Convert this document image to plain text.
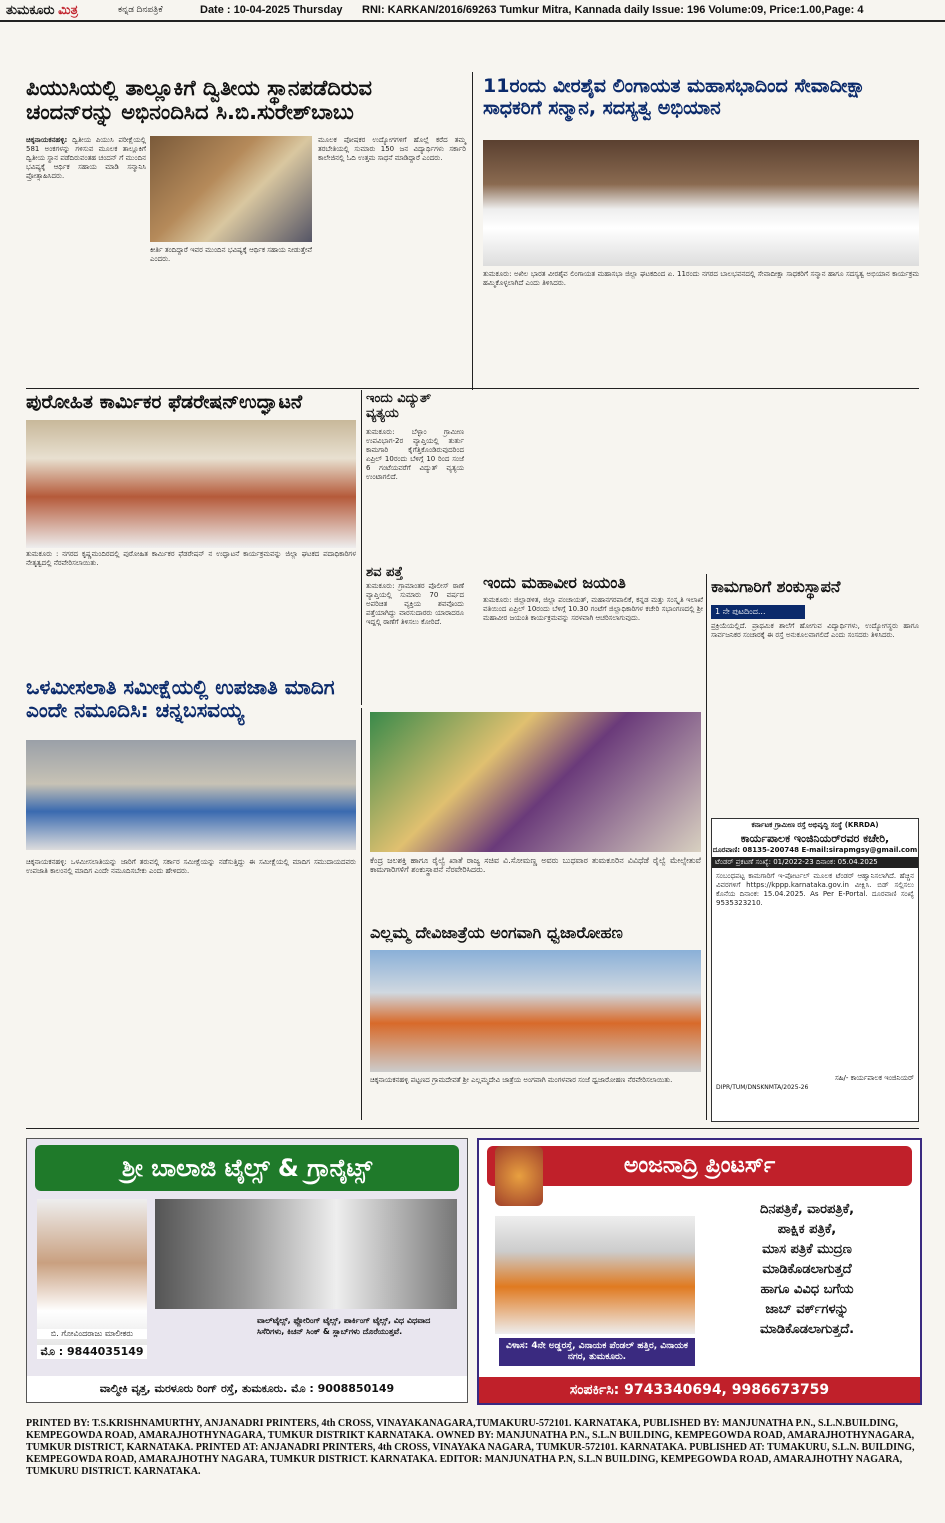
ತುಮಕೂರು ಮಿತ್ರ	ಕನ್ನಡ ದಿನಪತ್ರಿಕೆ	Date : 10-04-2025 Thursday RNI: KARKAN/2016/69263 Tumkur Mitra, Kannada daily Issue: 196 Volume:09, Price:1.00,Page: 4
ಪಿಯುಸಿಯಲ್ಲಿ ತಾಲ್ಲೂಕಿಗೆ ದ್ವಿತೀಯ ಸ್ಥಾನಪಡೆದಿರುವ ಚಂದನ್‌ರನ್ನು ಅಭಿನಂದಿಸಿದ ಸಿ.ಬಿ.ಸುರೇಶ್‌ಬಾಬು
ಚಿಕ್ಕನಾಯಕನಹಳ್ಳಿ: ದ್ವಿತೀಯ ಪಿಯುಸಿ ಪರೀಕ್ಷೆಯಲ್ಲಿ 581 ಅಂಕಗಳನ್ನು ಗಳಿಸುವ ಮೂಲಕ ತಾಲ್ಲೂಕಿಗೆ ದ್ವಿತೀಯ ಸ್ಥಾನ ಪಡೆದಿರುವಂತಹ ಚಂದನ್ ಗೆ ಮುಂದಿನ ಭವಿಷ್ಯಕ್ಕೆ ಆರ್ಥಿಕ ಸಹಾಯ ಮಾಡಿ ಸನ್ಮಾನಿಸಿ ಪ್ರೋತ್ಸಾಹಿಸಿದರು.
ಕೀರ್ತಿ ತಂದಿದ್ದಾರೆ ಇವರ ಮುಂದಿನ ಭವಿಷ್ಯಕ್ಕೆ ಆರ್ಥಿಕ ಸಹಾಯ ನೀಡುತ್ತೇವೆ ಎಂದರು.
ಮೂಲಕ ಪೋಷಕರ ಉದ್ಯೋಗಗಳಿಗೆ ಹೊಲ್ಲೆ ಕರೆದ ತಮ್ಮ ತರಬೇತಿಯಲ್ಲಿ ಸುಮಾರು 150 ಜನ ವಿದ್ಯಾರ್ಥಿಗಳು ಸರ್ಕಾರಿ ಕಾಲೇಜಿನಲ್ಲಿ ಓದಿ ಉತ್ತಮ ಸಾಧನೆ ಮಾಡಿದ್ದಾರೆ ಎಂದರು.
11ರಂದು ವೀರಶೈವ ಲಿಂಗಾಯತ ಮಹಾಸಭಾದಿಂದ ಸೇವಾದೀಕ್ಷಾ ಸಾಧಕರಿಗೆ ಸನ್ಮಾನ, ಸದಸ್ಯತ್ವ ಅಭಿಯಾನ
ತುಮಕೂರು: ಅಖಿಲ ಭಾರತ ವೀರಶೈವ ಲಿಂಗಾಯತ ಮಹಾಸಭಾ ಜಿಲ್ಲಾ ಘಟಕದಿಂದ ಏ. 11ರಂದು ನಗರದ ಬಾಲಭವನದಲ್ಲಿ ಸೇವಾದೀಕ್ಷಾ ಸಾಧಕರಿಗೆ ಸನ್ಮಾನ ಹಾಗೂ ಸದಸ್ಯತ್ವ ಅಭಿಯಾನ ಕಾರ್ಯಕ್ರಮ ಹಮ್ಮಿಕೊಳ್ಳಲಾಗಿದೆ ಎಂದು ತಿಳಿಸಿದರು.
ಪುರೋಹಿತ ಕಾರ್ಮಿಕರ ಫೆಡರೇಷನ್‌ಉದ್ಘಾಟನೆ
ತುಮಕೂರು : ನಗರದ ಕೃಷ್ಣಮಂದಿರದಲ್ಲಿ ಪುರೋಹಿತ ಕಾರ್ಮಿಕರ ಫೆಡರೇಷನ್ ನ ಉದ್ಘಾಟನೆ ಕಾರ್ಯಕ್ರಮವನ್ನು ಜಿಲ್ಲಾ ಘಟಕದ ಪದಾಧಿಕಾರಿಗಳ ನೇತೃತ್ವದಲ್ಲಿ ನೆರವೇರಿಸಲಾಯಿತು.
ಇಂದು ವಿದ್ಯುತ್ ವ್ಯತ್ಯಯ
ತುಮಕೂರು: ಬೆಳ್ಳಾಂ ಗ್ರಾಮೀಣ ಉಪವಿಭಾಗ-2ರ ವ್ಯಾಪ್ತಿಯಲ್ಲಿ ತುರ್ತು ಕಾಮಗಾರಿ ಕೈಗೆತ್ತಿಕೊಂಡಿರುವುದರಿಂದ ಏಪ್ರಿಲ್ 10ರಂದು ಬೆಳಿಗ್ಗೆ 10 ರಿಂದ ಸಂಜೆ 6 ಗಂಟೆಯವರೆಗೆ ವಿದ್ಯುತ್ ವ್ಯತ್ಯಯ ಉಂಟಾಗಲಿದೆ.
ಶವ ಪತ್ತೆ
ತುಮಕೂರು: ಗ್ರಾಮಾಂತರ ಪೊಲೀಸ್ ಠಾಣೆ ವ್ಯಾಪ್ತಿಯಲ್ಲಿ ಸುಮಾರು 70 ವರ್ಷದ ಅಪರಿಚಿತ ವ್ಯಕ್ತಿಯ ಶವವೊಂದು ಪತ್ತೆಯಾಗಿದ್ದು ವಾರಸುದಾರರು ಯಾರಾದರೂ ಇದ್ದಲ್ಲಿ ಠಾಣೆಗೆ ತಿಳಿಸಲು ಕೋರಿದೆ.
ಇಂದು ಮಹಾವೀರ ಜಯಂತಿ
ತುಮಕೂರು: ಜಿಲ್ಲಾಡಳಿತ, ಜಿಲ್ಲಾ ಪಂಚಾಯತ್, ಮಹಾನಗರಪಾಲಿಕೆ, ಕನ್ನಡ ಮತ್ತು ಸಂಸ್ಕೃತಿ ಇಲಾಖೆ ವತಿಯಿಂದ ಏಪ್ರಿಲ್ 10ರಂದು ಬೆಳಿಗ್ಗೆ 10.30 ಗಂಟೆಗೆ ಜಿಲ್ಲಾಧಿಕಾರಿಗಳ ಕಚೇರಿ ಸಭಾಂಗಣದಲ್ಲಿ ಶ್ರೀ ಮಹಾವೀರ ಜಯಂತಿ ಕಾರ್ಯಕ್ರಮವನ್ನು ಸರಳವಾಗಿ ಆಚರಿಸಲಾಗುವುದು.
ಕಾಮಗಾರಿಗೆ ಶಂಕುಸ್ಥಾಪನೆ
1 ನೇ ಪುಟದಿಂದ...
ಪ್ರಕ್ರಿಯೆಯಲ್ಲಿದೆ. ಪ್ರಾಥಮಿಕ ಶಾಲೆಗೆ ಹೋಗುವ ವಿದ್ಯಾರ್ಥಿಗಳು, ಉದ್ಯೋಗಸ್ಥರು ಹಾಗೂ ಸಾರ್ವಜನಿಕರ ಸಂಚಾರಕ್ಕೆ ಈ ರಸ್ತೆ ಅನುಕೂಲವಾಗಲಿದೆ ಎಂದು ಸಂಸದರು ತಿಳಿಸಿದರು.
ಒಳಮೀಸಲಾತಿ ಸಮೀಕ್ಷೆಯಲ್ಲಿ ಉಪಜಾತಿ ಮಾದಿಗ ಎಂದೇ ನಮೂದಿಸಿ: ಚನ್ನಬಸವಯ್ಯ
ಚಿಕ್ಕನಾಯಕನಹಳ್ಳಿ: ಒಳಮೀಸಲಾತಿಯನ್ನು ಜಾರಿಗೆ ತರುವಲ್ಲಿ ಸರ್ಕಾರ ಸಮೀಕ್ಷೆಯನ್ನು ನಡೆಸುತ್ತಿದ್ದು ಈ ಸಮೀಕ್ಷೆಯಲ್ಲಿ ಮಾದಿಗ ಸಮುದಾಯದವರು ಉಪಜಾತಿ ಕಾಲಂನಲ್ಲಿ ಮಾದಿಗ ಎಂದೇ ನಮೂದಿಸಬೇಕು ಎಂದು ಹೇಳಿದರು.
ಕೆಂದ್ರ ಜಲಶಕ್ತಿ ಹಾಗೂ ರೈಲ್ವೆ ಖಾತೆ ರಾಜ್ಯ ಸಚಿವ ವಿ.ಸೋಮಣ್ಣ ಅವರು ಬುಧವಾರ ತುಮಕೂರಿನ ವಿವಿಧೆಡೆ ರೈಲ್ವೆ ಮೇಲ್ಸೇತುವೆ ಕಾಮಗಾರಿಗಳಿಗೆ ಶಂಕುಸ್ಥಾಪನೆ ನೆರವೇರಿಸಿದರು.
ಕರ್ನಾಟಕ ಗ್ರಾಮೀಣ ರಸ್ತೆ ಅಭಿವೃದ್ಧಿ ಸಂಸ್ಥೆ (KRRDA)
ಕಾರ್ಯಪಾಲಕ ಇಂಜಿನಿಯರ್‌ರವರ ಕಚೇರಿ,
ದೂರವಾಣಿ: 08135-200748 E-mail:sirapmgsy@gmail.com
ಟೆಂಡರ್ ಪ್ರಕಟಣೆ ಸಂಖ್ಯೆ: 01/2022-23 ದಿನಾಂಕ: 05.04.2025
ಸಂಬಂಧಪಟ್ಟ ಕಾಮಗಾರಿಗೆ ಇ-ಪೋರ್ಟಲ್ ಮೂಲಕ ಟೆಂಡರ್ ಆಹ್ವಾನಿಸಲಾಗಿದೆ. ಹೆಚ್ಚಿನ ವಿವರಗಳಿಗೆ https://kppp.karnataka.gov.in ವೀಕ್ಷಿಸಿ. ಬಿಡ್ ಸಲ್ಲಿಸಲು ಕೊನೆಯ ದಿನಾಂಕ: 15.04.2025. As Per E-Portal. ದೂರವಾಣಿ ಸಂಖ್ಯೆ 9535323210.
ಸಹಿ/- ಕಾರ್ಯಪಾಲಕ ಇಂಜಿನಿಯರ್
DIPR/TUM/DNSKNMTA/2025-26
ಎಲ್ಲಮ್ಮ ದೇವಿಜಾತ್ರೆಯ ಅಂಗವಾಗಿ ಧ್ವಜಾರೋಹಣ
ಚಿಕ್ಕನಾಯಕನಹಳ್ಳಿ ಪಟ್ಟಣದ ಗ್ರಾಮದೇವತೆ ಶ್ರೀ ಎಲ್ಲಮ್ಮದೇವಿ ಜಾತ್ರೆಯ ಅಂಗವಾಗಿ ಮಂಗಳವಾರ ಸಂಜೆ ಧ್ವಜಾರೋಹಣ ನೆರವೇರಿಸಲಾಯಿತು.
ಶ್ರೀ ಬಾಲಾಜಿ ಟೈಲ್ಸ್ & ಗ್ರಾನೈಟ್ಸ್
ಬಿ. ಗೋವಿಂದರಾಜು ಮಾಲೀಕರು
ಮೊ : 9844035149
ವಾಲ್‌ಟೈಲ್ಸ್, ಫ್ಲೋರಿಂಗ್ ಟೈಲ್ಸ್, ಪಾರ್ಕಿಂಗ್ ಟೈಲ್ಸ್, ವಿಧ ವಿಧವಾದ ಸಿಸೆರಿಗಳು, ಕಿಚನ್ ಸಿಂಕ್ & ಸ್ಲಾಬ್‌ಗಳು ದೊರೆಯುತ್ತವೆ.
ವಾಲ್ಮೀಕಿ ವೃತ್ತ, ಮರಳೂರು ರಿಂಗ್ ರಸ್ತೆ, ತುಮಕೂರು. ಮೊ : 9008850149
ಅಂಜನಾದ್ರಿ ಪ್ರಿಂಟರ್ಸ್
ದಿನಪತ್ರಿಕೆ, ವಾರಪತ್ರಿಕೆ,
ಪಾಕ್ಷಿಕ ಪತ್ರಿಕೆ,
ಮಾಸ ಪತ್ರಿಕೆ ಮುದ್ರಣ
ಮಾಡಿಕೊಡಲಾಗುತ್ತದೆ
ಹಾಗೂ ವಿವಿಧ ಬಗೆಯ
ಜಾಬ್ ವರ್ಕ್‌ಗಳನ್ನು
ಮಾಡಿಕೊಡಲಾಗುತ್ತದೆ.
ವಿಳಾಸ: 4ನೇ ಅಡ್ಡರಸ್ತೆ, ವಿನಾಯಕ ಪೆಂಡಲ್ ಹತ್ತಿರ, ವಿನಾಯಕ ನಗರ, ತುಮಕೂರು.
ಸಂಪರ್ಕಿಸಿ: 9743340694, 9986673759
PRINTED BY: T.S.KRISHNAMURTHY, ANJANADRI PRINTERS, 4th CROSS, VINAYAKANAGARA,TUMAKURU-572101. KARNATAKA, PUBLISHED BY: MANJUNATHA P.N., S.L.N.BUILDING, KEMPEGOWDA ROAD, AMARAJHOTHYNAGARA, TUMKUR DISTRIKT KARNATAKA. OWNED BY: MANJUNATHA P.N., S.L.N BUILDING, KEMPEGOWDA ROAD, AMARAJHOTHYNAGARA, TUMKUR DISTRICT, KARNATAKA. PRINTED AT: ANJANADRI PRINTERS, 4th CROSS, VINAYAKA NAGARA, TUMKUR-572101. KARNATAKA. PUBLISHED AT: TUMAKURU, S.L.N. BUILDING, KEMPEGOWDA ROAD, AMARAJHOTHY NAGARA, TUMKUR DISTRICT. KARNATAKA. EDITOR: MANJUNATHA P.N, S.L.N BUILDING, KEMPEGOWDA ROAD, AMARAJHOTHY NAGARA, TUMKURU DISTRICT. KARNATAKA.
